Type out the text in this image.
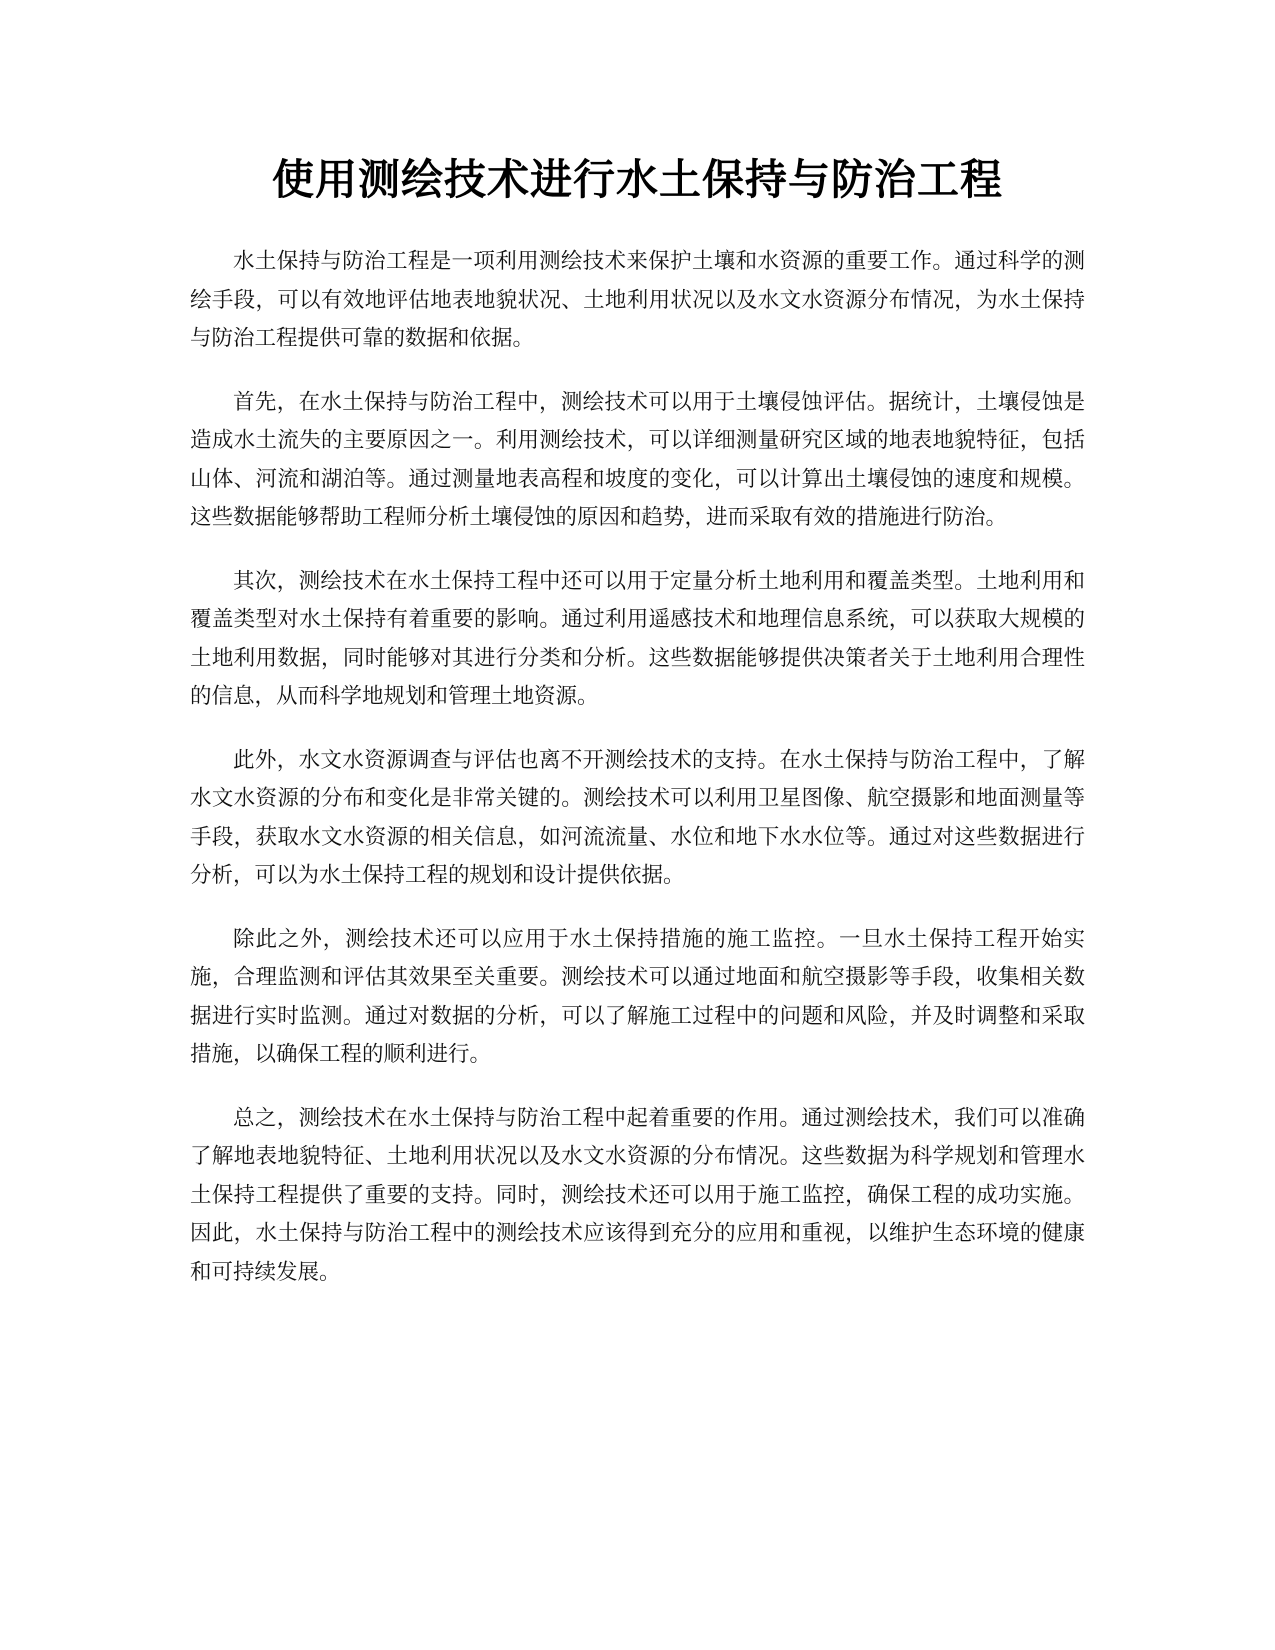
使用测绘技术进行水土保持与防治工程

水土保持与防治工程是一项利用测绘技术来保护土壤和水资源的重要工作。通过科学的测绘手段，可以有效地评估地表地貌状况、土地利用状况以及水文水资源分布情况，为水土保持与防治工程提供可靠的数据和依据。

首先，在水土保持与防治工程中，测绘技术可以用于土壤侵蚀评估。据统计，土壤侵蚀是造成水土流失的主要原因之一。利用测绘技术，可以详细测量研究区域的地表地貌特征，包括山体、河流和湖泊等。通过测量地表高程和坡度的变化，可以计算出土壤侵蚀的速度和规模。这些数据能够帮助工程师分析土壤侵蚀的原因和趋势，进而采取有效的措施进行防治。

其次，测绘技术在水土保持工程中还可以用于定量分析土地利用和覆盖类型。土地利用和覆盖类型对水土保持有着重要的影响。通过利用遥感技术和地理信息系统，可以获取大规模的土地利用数据，同时能够对其进行分类和分析。这些数据能够提供决策者关于土地利用合理性的信息，从而科学地规划和管理土地资源。

此外，水文水资源调查与评估也离不开测绘技术的支持。在水土保持与防治工程中，了解水文水资源的分布和变化是非常关键的。测绘技术可以利用卫星图像、航空摄影和地面测量等手段，获取水文水资源的相关信息，如河流流量、水位和地下水水位等。通过对这些数据进行分析，可以为水土保持工程的规划和设计提供依据。

除此之外，测绘技术还可以应用于水土保持措施的施工监控。一旦水土保持工程开始实施，合理监测和评估其效果至关重要。测绘技术可以通过地面和航空摄影等手段，收集相关数据进行实时监测。通过对数据的分析，可以了解施工过程中的问题和风险，并及时调整和采取措施，以确保工程的顺利进行。

总之，测绘技术在水土保持与防治工程中起着重要的作用。通过测绘技术，我们可以准确了解地表地貌特征、土地利用状况以及水文水资源的分布情况。这些数据为科学规划和管理水土保持工程提供了重要的支持。同时，测绘技术还可以用于施工监控，确保工程的成功实施。因此，水土保持与防治工程中的测绘技术应该得到充分的应用和重视，以维护生态环境的健康和可持续发展。
